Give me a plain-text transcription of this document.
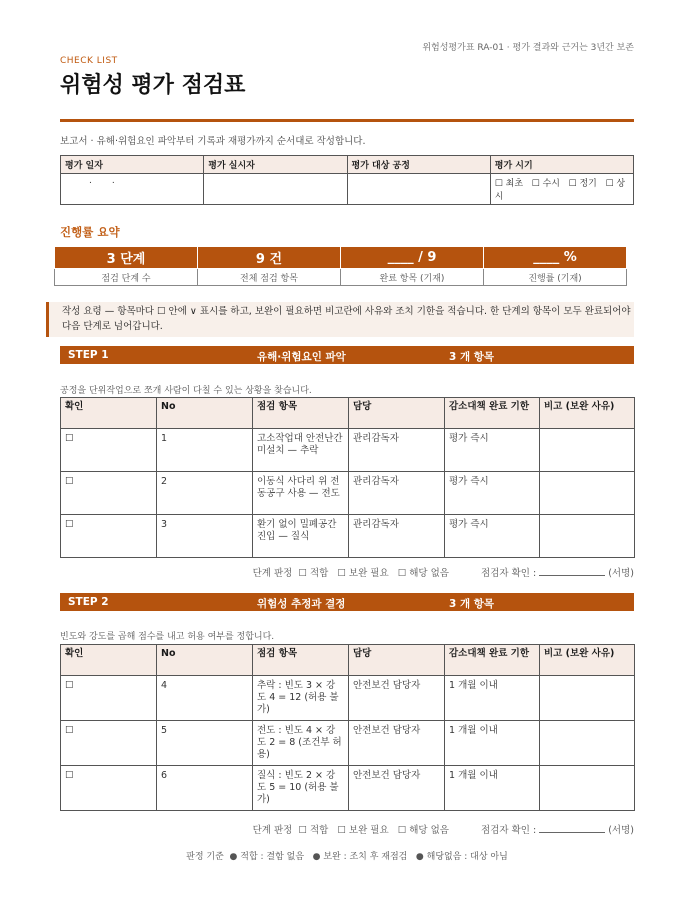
위험성평가표 RA-01 · 평가 결과와 근거는 3년간 보존
CHECK LIST
위험성 평가 점검표
보고서 · 유해·위험요인 파악부터 기록과 재평가까지 순서대로 작성합니다.
평가 일자	평가 실시자	평가 대상 공정	평가 시기
.       .			☐ 최초   ☐ 수시   ☐ 정기   ☐ 상시
진행률 요약
3 단계	9 건	____ / 9	____ %
점검 단계 수	전체 점검 항목	완료 항목 (기재)	진행률 (기재)
작성 요령 — 항목마다 ☐ 안에 ∨ 표시를 하고, 보완이 필요하면 비고란에 사유와 조치 기한을 적습니다. 한 단계의 항목이 모두 완료되어야 다음 단계로 넘어갑니다.
STEP 1	유해·위험요인 파악	3 개 항목
공정을 단위작업으로 쪼개 사람이 다칠 수 있는 상황을 찾습니다.
확인	No	점검 항목	담당	감소대책 완료 기한	비고 (보완 사유)
☐	1	고소작업대 안전난간 미설치 — 추락	관리감독자	평가 즉시	
☐	2	이동식 사다리 위 전동공구 사용 — 전도	관리감독자	평가 즉시	
☐	3	환기 없이 밀폐공간 진입 — 질식	관리감독자	평가 즉시	
단계 판정 ☐ 적합 ☐ 보완 필요 ☐ 해당 없음	점검자 확인 :	(서명)
STEP 2	위험성 추정과 결정	3 개 항목
빈도와 강도를 곱해 점수를 내고 허용 여부를 정합니다.
확인	No	점검 항목	담당	감소대책 완료 기한	비고 (보완 사유)
☐	4	추락 : 빈도 3 × 강도 4 = 12 (허용 불가)	안전보건 담당자	1 개월 이내	
☐	5	전도 : 빈도 4 × 강도 2 = 8 (조건부 허용)	안전보건 담당자	1 개월 이내	
☐	6	질식 : 빈도 2 × 강도 5 = 10 (허용 불가)	안전보건 담당자	1 개월 이내	
단계 판정 ☐ 적합 ☐ 보완 필요 ☐ 해당 없음	점검자 확인 :	(서명)
판정 기준  ● 적합 : 결함 없음   ● 보완 : 조치 후 재점검   ● 해당없음 : 대상 아님
